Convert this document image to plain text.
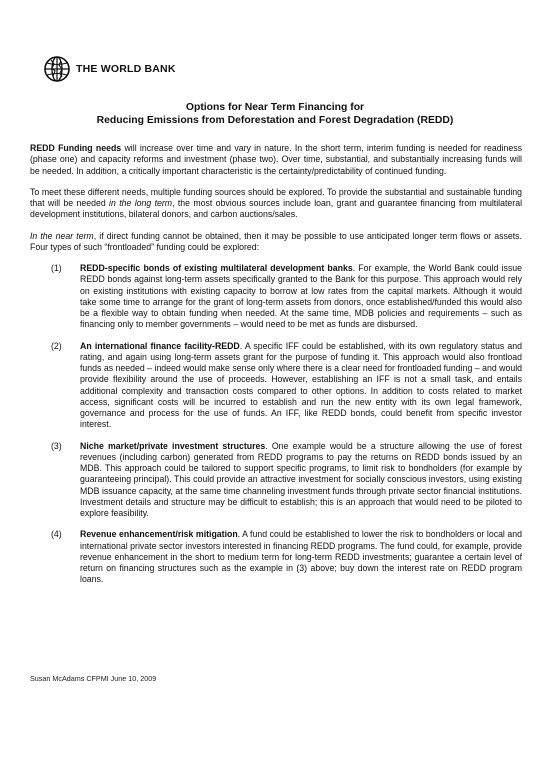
THE WORLD BANK
Options for Near Term Financing for
Reducing Emissions from Deforestation and Forest Degradation (REDD)

REDD Funding needs will increase over time and vary in nature. In the short term, interim funding is needed for readiness (phase one) and capacity reforms and investment (phase two). Over time, substantial, and substantially increasing funds will be needed. In addition, a critically important characteristic is the certainty/predictability of continued funding.

To meet these different needs, multiple funding sources should be explored. To provide the substantial and sustainable funding that will be needed in the long term, the most obvious sources include loan, grant and guarantee financing from multilateral development institutions, bilateral donors, and carbon auctions/sales.

In the near term, if direct funding cannot be obtained, then it may be possible to use anticipated longer term flows or assets. Four types of such “frontloaded” funding could be explored:

(1) REDD-specific bonds of existing multilateral development banks. For example, the World Bank could issue REDD bonds against long-term assets specifically granted to the Bank for this purpose. This approach would rely on existing institutions with existing capacity to borrow at low rates from the capital markets. Although it would take some time to arrange for the grant of long-term assets from donors, once established/funded this would also be a flexible way to obtain funding when needed. At the same time, MDB policies and requirements – such as financing only to member governments – would need to be met as funds are disbursed.
(2) An international finance facility-REDD. A specific IFF could be established, with its own regulatory status and rating, and again using long-term assets grant for the purpose of funding it. This approach would also frontload funds as needed – indeed would make sense only where there is a clear need for frontloaded funding – and would provide flexibility around the use of proceeds. However, establishing an IFF is not a small task, and entails additional complexity and transaction costs compared to other options. In addition to costs related to market access, significant costs will be incurred to establish and run the new entity with its own legal framework, governance and process for the use of funds. An IFF, like REDD bonds, could benefit from specific investor interest.
(3) Niche market/private investment structures. One example would be a structure allowing the use of forest revenues (including carbon) generated from REDD programs to pay the returns on REDD bonds issued by an MDB. This approach could be tailored to support specific programs, to limit risk to bondholders (for example by guaranteeing principal). This could provide an attractive investment for socially conscious investors, using existing MDB issuance capacity, at the same time channeling investment funds through private sector financial institutions. Investment details and structure may be difficult to establish; this is an approach that would need to be piloted to explore feasibility.
(4) Revenue enhancement/risk mitigation. A fund could be established to lower the risk to bondholders or local and international private sector investors interested in financing REDD programs. The fund could, for example, provide revenue enhancement in the short to medium term for long-term REDD investments; guarantee a certain level of return on financing structures such as the example in (3) above; buy down the interest rate on REDD program loans.
Susan McAdams CFPMI June 10, 2009
